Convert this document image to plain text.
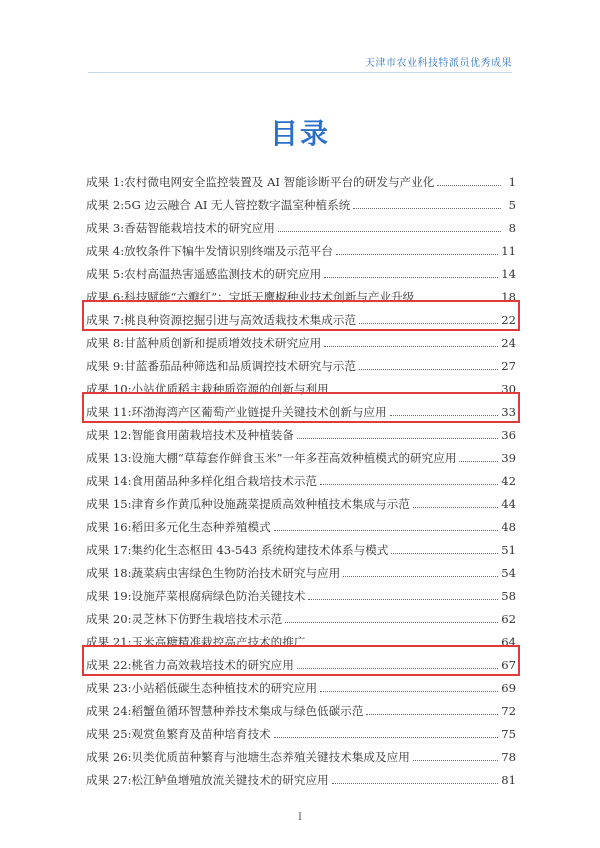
天津市农业科技特派员优秀成果
目录
成果 1: 农村微电网安全监控装置及 AI 智能诊断平台的研发与产业化	1
成果 2: 5G 边云融合 AI 无人管控数字温室种植系统	5
成果 3: 香菇智能栽培技术的研究应用	8
成果 4: 放牧条件下犏牛发情识别终端及示范平台	11
成果 5: 农村高温热害遥感监测技术的研究应用	14
成果 6: 科技赋能“六瓣红”：宝坻天鹰椒种业技术创新与产业升级	18
成果 7: 桃良种资源挖掘引进与高效适栽技术集成示范	22
成果 8: 甘蓝种质创新和提质增效技术研究应用	24
成果 9: 甘蓝番茄品种筛选和品质调控技术研究与示范	27
成果 10: 小站优质稻主栽种质资源的创新与利用	30
成果 11: 环渤海湾产区葡萄产业链提升关键技术创新与应用	33
成果 12: 智能食用菌栽培技术及种植装备	36
成果 13: 设施大棚“草莓套作鲜食玉米”一年多茬高效种植模式的研究应用	39
成果 14: 食用菌品种多样化组合栽培技术示范	42
成果 15: 津育乡作黄瓜种设施蔬菜提质高效种植技术集成与示范	44
成果 16: 稻田多元化生态种养殖模式	48
成果 17: 集约化生态枢田 43-543 系统构建技术体系与模式	51
成果 18: 蔬菜病虫害绿色生物防治技术研究与应用	54
成果 19: 设施芹菜根腐病绿色防治关键技术	58
成果 20: 灵芝林下仿野生栽培技术示范	62
成果 21: 玉米高糖精准栽控高产技术的推广	64
成果 22: 桃省力高效栽培技术的研究应用	67
成果 23: 小站稻低碳生态种植技术的研究应用	69
成果 24: 稻蟹鱼循环智慧种养技术集成与绿色低碳示范	72
成果 25: 观赏鱼繁育及苗种培育技术	75
成果 26: 贝类优质苗种繁育与池塘生态养殖关键技术集成及应用	78
成果 27: 松江鲈鱼增殖放流关键技术的研究应用	81
I
